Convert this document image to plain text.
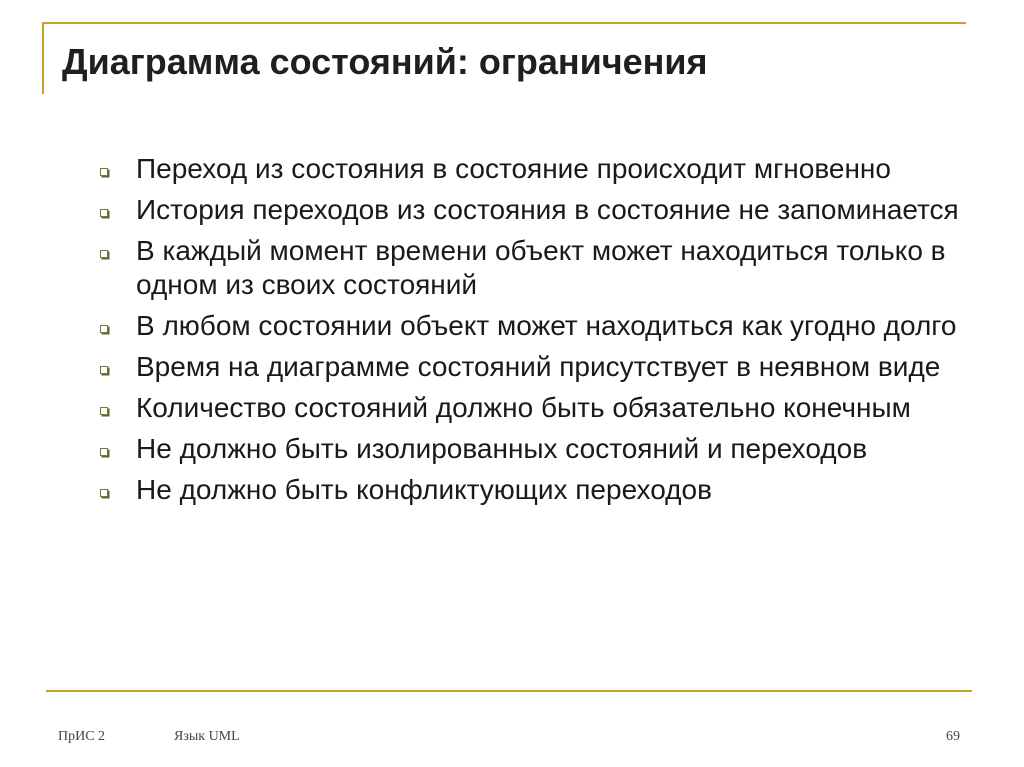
Диаграмма состояний: ограничения
Переход из состояния в состояние происходит мгновенно
История переходов из состояния в состояние не запоминается
В каждый момент времени объект может находиться только в одном из своих состояний
В любом состоянии объект может находиться как угодно долго
Время на диаграмме состояний присутствует в неявном виде
Количество состояний должно быть обязательно конечным
Не должно быть изолированных состояний и переходов
Не должно быть конфликтующих переходов
ПрИС 2	Язык UML	69
